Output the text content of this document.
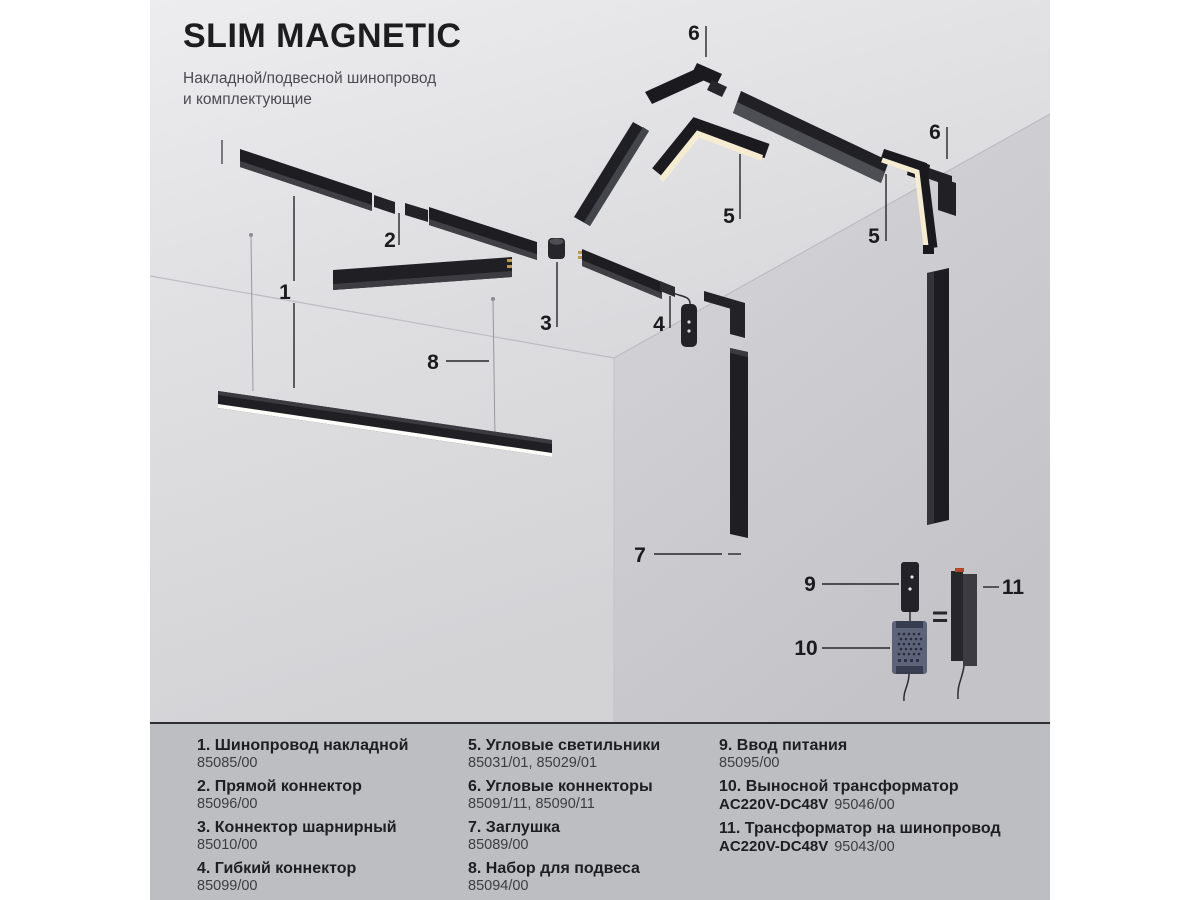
1
2
3	4
5
6
5
6
7
8
9
10
11
=
SLIM MAGNETIC
Накладной/подвесной шинопровод
и комплектующие
1. Шинопровод накладной
85085/00
2. Прямой коннектор
85096/00
3. Коннектор шарнирный
85010/00
4. Гибкий коннектор
85099/00
5. Угловые светильники
85031/01, 85029/01
6. Угловые коннекторы
85091/11, 85090/11
7. Заглушка
85089/00
8. Набор для подвеса
85094/00
9. Ввод питания
85095/00
10. Выносной трансформатор
AC220V-DC48V 95046/00
11. Трансформатор на шинопровод
AC220V-DC48V 95043/00
